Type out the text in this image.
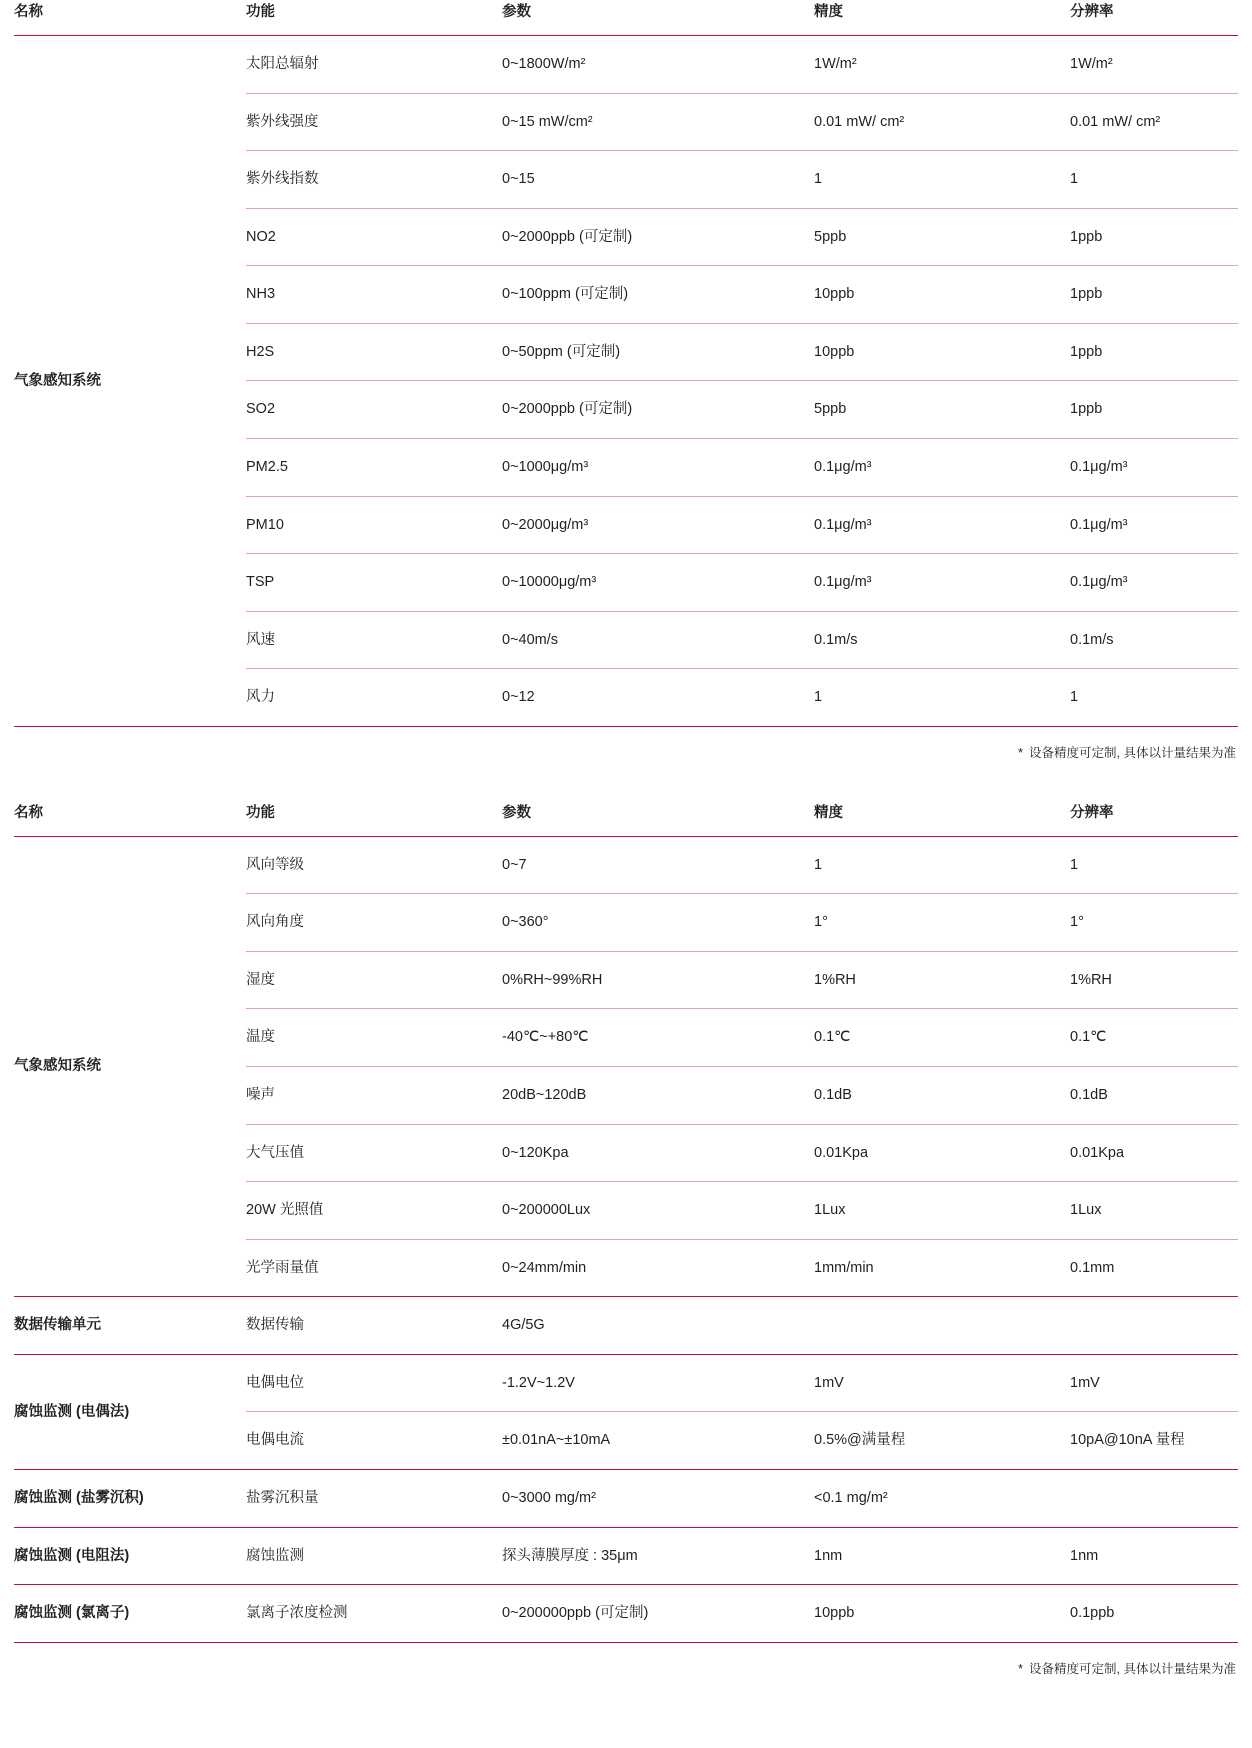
名称	功能	参数	精度	分辨率
气象感知系统	太阳总辐射	0~1800W/m²	1W/m²	1W/m²
	紫外线强度	0~15 mW/cm²	0.01 mW/ cm²	0.01 mW/ cm²
	紫外线指数	0~15	1	1
	NO2	0~2000ppb (可定制)	5ppb	1ppb
	NH3	0~100ppm (可定制)	10ppb	1ppb
	H2S	0~50ppm (可定制)	10ppb	1ppb
	SO2	0~2000ppb (可定制)	5ppb	1ppb
	PM2.5	0~1000μg/m³	0.1μg/m³	0.1μg/m³
	PM10	0~2000μg/m³	0.1μg/m³	0.1μg/m³
	TSP	0~10000μg/m³	0.1μg/m³	0.1μg/m³
	风速	0~40m/s	0.1m/s	0.1m/s
	风力	0~12	1	1
* 设备精度可定制, 具体以计量结果为准
名称	功能	参数	精度	分辨率
气象感知系统	风向等级	0~7	1	1
	风向角度	0~360°	1°	1°
	湿度	0%RH~99%RH	1%RH	1%RH
	温度	-40℃~+80℃	0.1℃	0.1℃
	噪声	20dB~120dB	0.1dB	0.1dB
	大气压值	0~120Kpa	0.01Kpa	0.01Kpa
	20W 光照值	0~200000Lux	1Lux	1Lux
	光学雨量值	0~24mm/min	1mm/min	0.1mm
数据传输单元	数据传输	4G/5G		
腐蚀监测 (电偶法)	电偶电位	-1.2V~1.2V	1mV	1mV
	电偶电流	±0.01nA~±10mA	0.5%@满量程	10pA@10nA 量程
腐蚀监测 (盐雾沉积)	盐雾沉积量	0~3000 mg/m²	<0.1 mg/m²	
腐蚀监测 (电阻法)	腐蚀监测	探头薄膜厚度 : 35μm	1nm	1nm
腐蚀监测 (氯离子)	氯离子浓度检测	0~200000ppb (可定制)	10ppb	0.1ppb
* 设备精度可定制, 具体以计量结果为准
